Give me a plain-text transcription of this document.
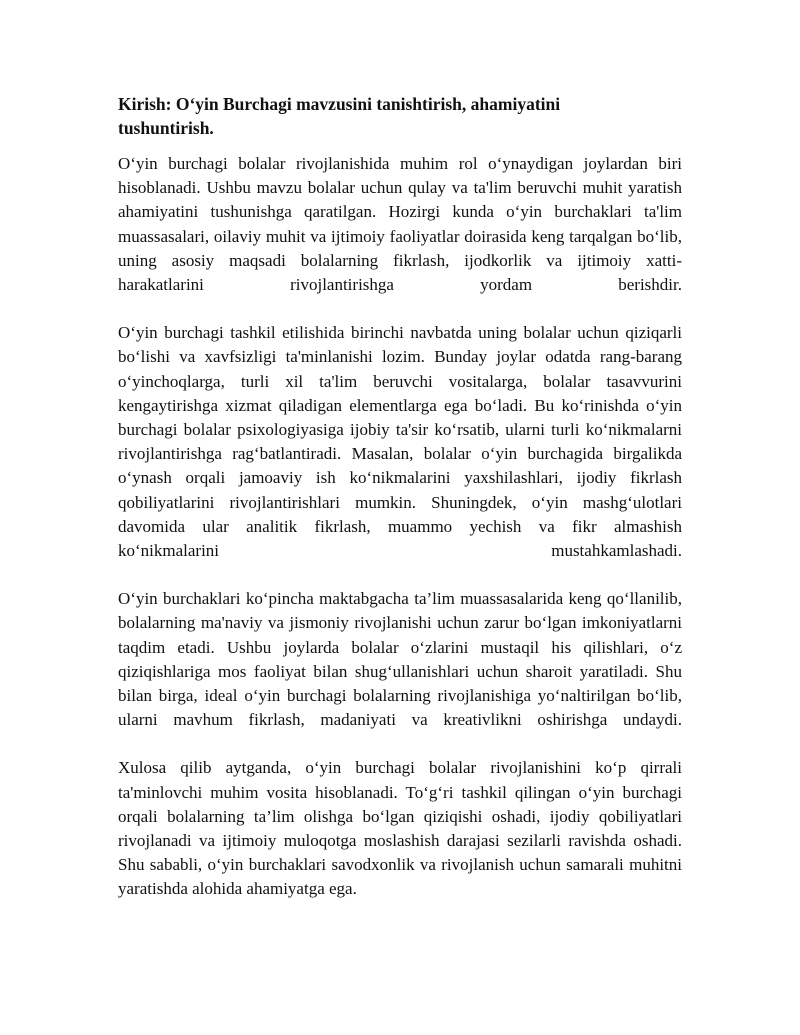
Kirish: O‘yin Burchagi mavzusini tanishtirish, ahamiyatini tushuntirish.

O‘yin burchagi bolalar rivojlanishida muhim rol o‘ynaydigan joylardan biri hisoblanadi. Ushbu mavzu bolalar uchun qulay va ta'lim beruvchi muhit yaratish ahamiyatini tushunishga qaratilgan. Hozirgi kunda o‘yin burchaklari ta'lim muassasalari, oilaviy muhit va ijtimoiy faoliyatlar doirasida keng tarqalgan bo‘lib, uning asosiy maqsadi bolalarning fikrlash, ijodkorlik va ijtimoiy xatti-harakatlarini rivojlantirishga yordam berishdir.

O‘yin burchagi tashkil etilishida birinchi navbatda uning bolalar uchun qiziqarli bo‘lishi va xavfsizligi ta'minlanishi lozim. Bunday joylar odatda rang-barang o‘yinchoqlarga, turli xil ta'lim beruvchi vositalarga, bolalar tasavvurini kengaytirishga xizmat qiladigan elementlarga ega bo‘ladi. Bu ko‘rinishda o‘yin burchagi bolalar psixologiyasiga ijobiy ta'sir ko‘rsatib, ularni turli ko‘nikmalarni rivojlantirishga rag‘batlantiradi. Masalan, bolalar o‘yin burchagida birgalikda o‘ynash orqali jamoaviy ish ko‘nikmalarini yaxshilashlari, ijodiy fikrlash qobiliyatlarini rivojlantirishlari mumkin. Shuningdek, o‘yin mashg‘ulotlari davomida ular analitik fikrlash, muammo yechish va fikr almashish ko‘nikmalarini mustahkamlashadi.

O‘yin burchaklari ko‘pincha maktabgacha ta’lim muassasalarida keng qo‘llanilib, bolalarning ma'naviy va jismoniy rivojlanishi uchun zarur bo‘lgan imkoniyatlarni taqdim etadi. Ushbu joylarda bolalar o‘zlarini mustaqil his qilishlari, o‘z qiziqishlariga mos faoliyat bilan shug‘ullanishlari uchun sharoit yaratiladi. Shu bilan birga, ideal o‘yin burchagi bolalarning rivojlanishiga yo‘naltirilgan bo‘lib, ularni mavhum fikrlash, madaniyati va kreativlikni oshirishga undaydi.

Xulosa qilib aytganda, o‘yin burchagi bolalar rivojlanishini ko‘p qirrali ta'minlovchi muhim vosita hisoblanadi. To‘g‘ri tashkil qilingan o‘yin burchagi orqali bolalarning ta’lim olishga bo‘lgan qiziqishi oshadi, ijodiy qobiliyatlari rivojlanadi va ijtimoiy muloqotga moslashish darajasi sezilarli ravishda oshadi. Shu sababli, o‘yin burchaklari savodxonlik va rivojlanish uchun samarali muhitni yaratishda alohida ahamiyatga ega.
